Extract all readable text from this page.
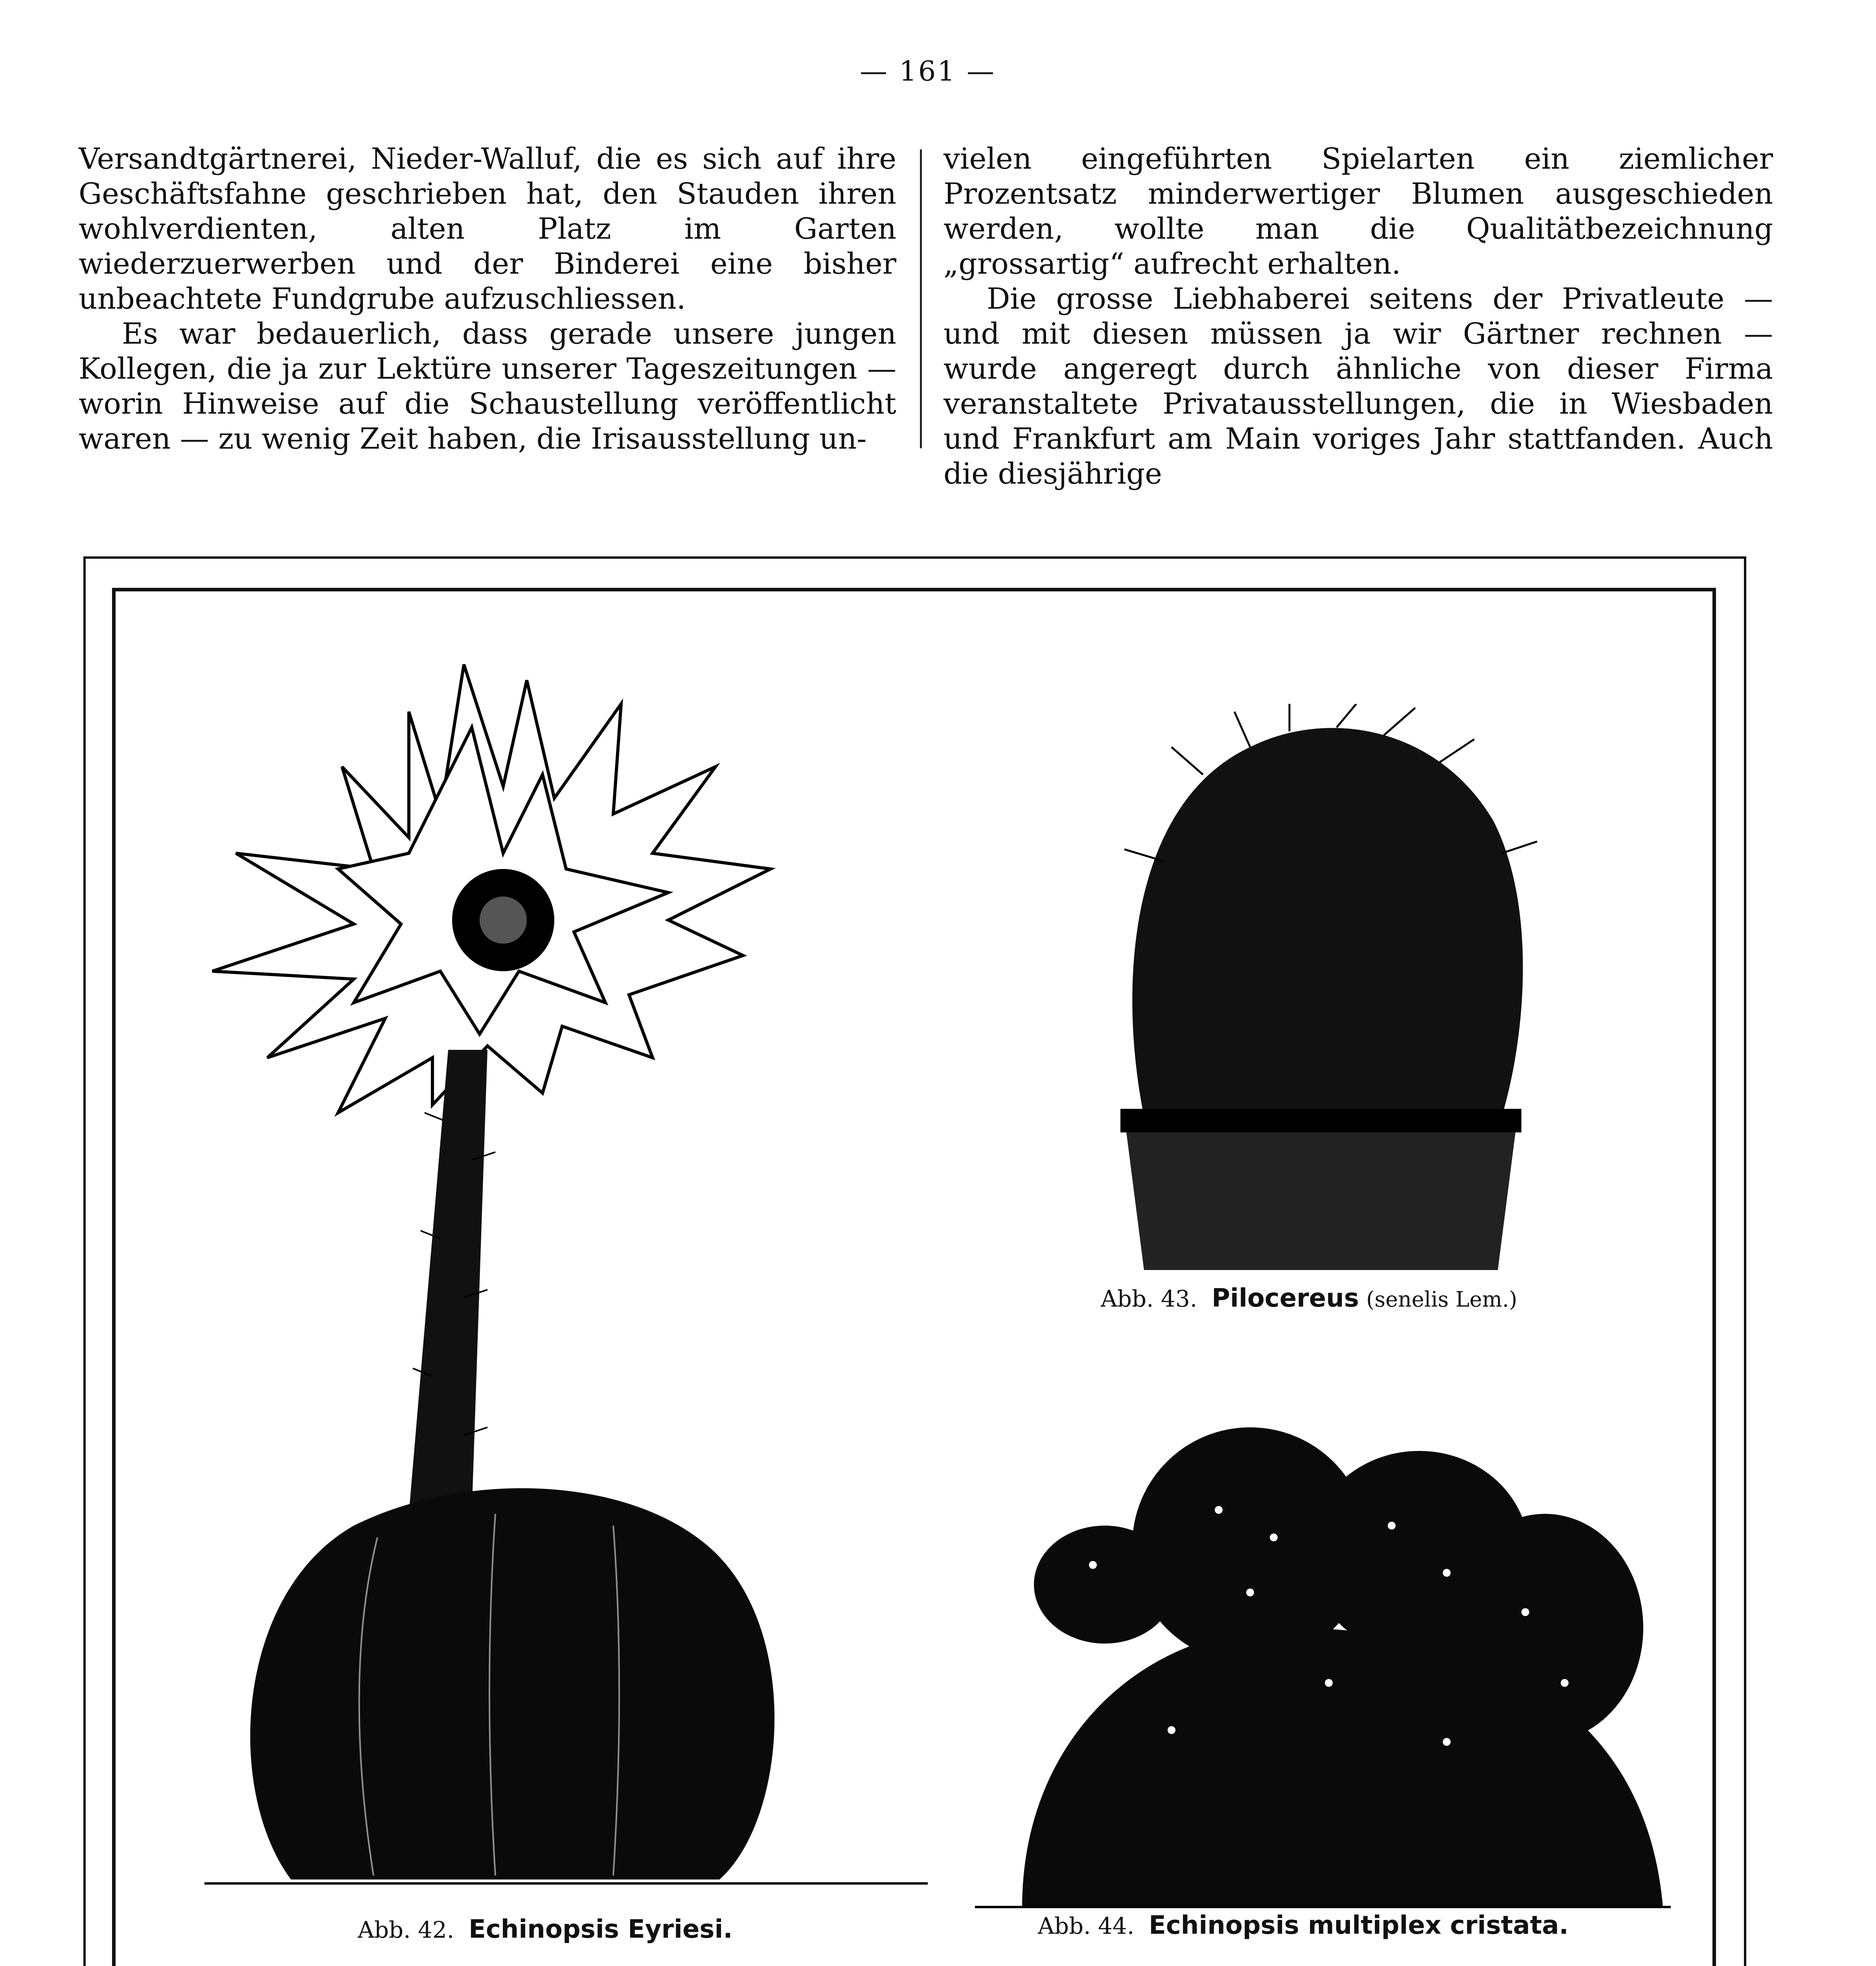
— 161 —

Versandtgärtnerei, Nieder-Walluf, die es sich auf ihre Geschäftsfahne geschrieben hat, den Stauden ihren wohlverdienten, alten Platz im Garten wiederzuerwerben und der Binderei eine bisher unbeachtete Fundgrube aufzuschliessen.

Es war bedauerlich, dass gerade unsere jungen Kollegen, die ja zur Lektüre unserer Tageszeitungen — worin Hinweise auf die Schaustellung veröffentlicht waren — zu wenig Zeit haben, die Irisausstellung un-

vielen eingeführten Spielarten ein ziemlicher Prozentsatz minderwertiger Blumen ausgeschieden werden, wollte man die Qualitätbezeichnung „grossartig“ aufrecht erhalten.

Die grosse Liebhaberei seitens der Privatleute — und mit diesen müssen ja wir Gärtner rechnen — wurde angeregt durch ähnliche von dieser Firma veranstaltete Privatausstellungen, die in Wiesbaden und Frankfurt am Main voriges Jahr stattfanden. Auch die diesjährige

Abb. 42. Echinopsis Eyriesi.
Abb. 43. Pilocereus (senelis Lem.)
Abb. 44. Echinopsis multiplex cristata.
